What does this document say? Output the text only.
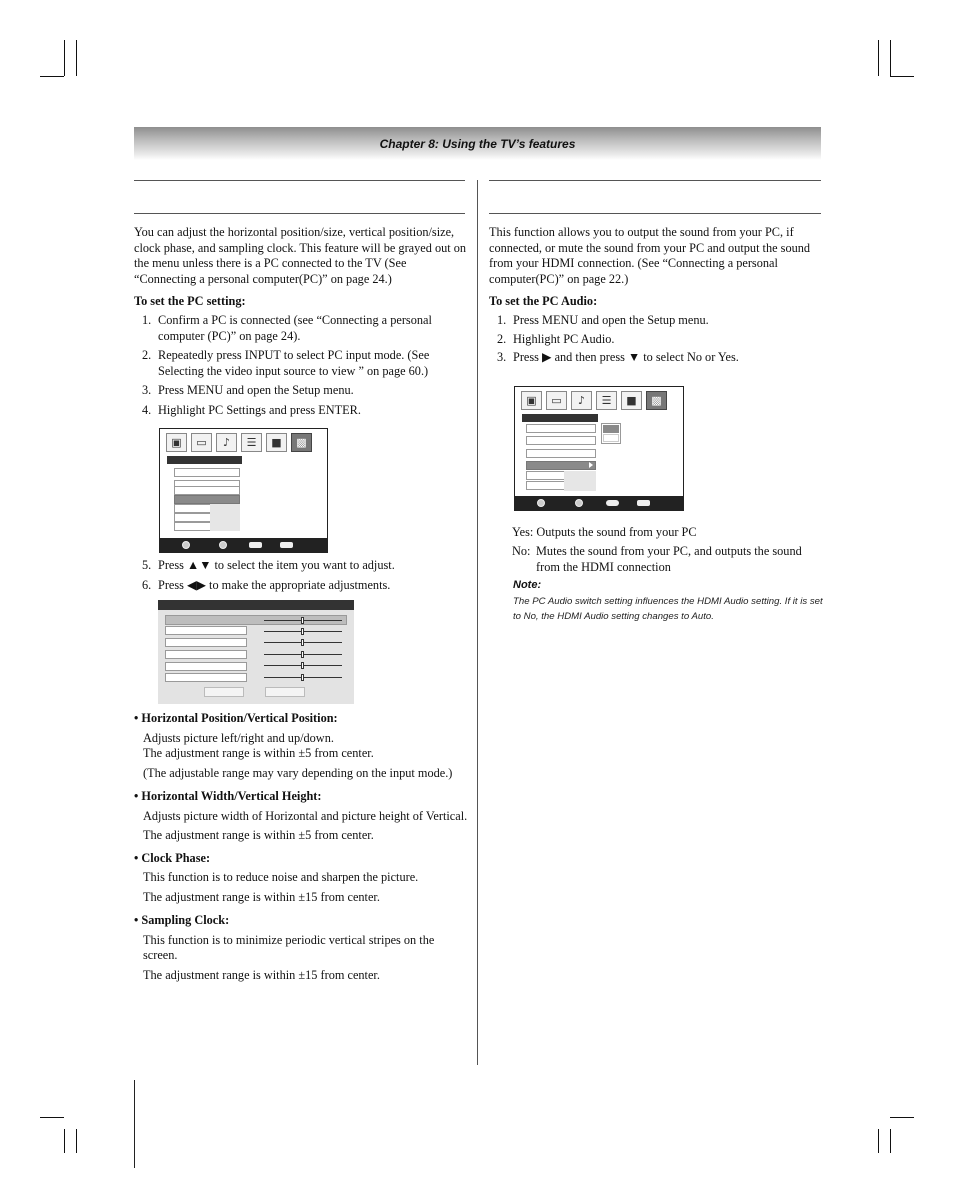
Chapter 8: Using the TV’s features
You can adjust the horizontal position/size, vertical position/size, clock phase, and sampling clock. This feature will be grayed out on the menu unless there is a PC connected to the TV (See “Connecting a personal computer(PC)” on page 24.)
To set the PC setting:
1. Confirm a PC is connected (see “Connecting a personal computer (PC)” on page 24).
2. Repeatedly press INPUT to select PC input mode. (See Selecting the video input source to view ” on page 60.)
3. Press MENU and open the Setup menu.
4. Highlight PC Settings and press ENTER.
▣	▭	♪	☰	■	▩
5. Press ▲▼ to select the item you want to adjust.
6. Press ◀▶ to make the appropriate adjustments.
• Horizontal Position/Vertical Position:
Adjusts picture left/right and up/down.
The adjustment range is within ±5 from center.
(The adjustable range may vary depending on the input mode.)
• Horizontal Width/Vertical Height:
Adjusts picture width of Horizontal and picture height of Vertical.
The adjustment range is within ±5 from center.
• Clock Phase:
This function is to reduce noise and sharpen the picture.
The adjustment range is within ±15 from center.
• Sampling Clock:
This function is to minimize periodic vertical stripes on the screen.
The adjustment range is within ±15 from center.
This function allows you to output the sound from your PC, if connected, or mute the sound from your PC and output the sound from your HDMI connection. (See “Connecting a personal computer(PC)” on page 22.)
To set the PC Audio:
1. Press MENU and open the Setup menu.
2. Highlight PC Audio.
3. Press ▶ and then press ▼ to select No or Yes.
▣	▭	♪	☰	■	▩
Yes: Outputs the sound from your PC
No: Mutes the sound from your PC, and outputs the sound from the HDMI connection
Note:
The PC Audio switch setting influences the HDMI Audio setting. If it is set to No, the HDMI Audio setting changes to Auto.
